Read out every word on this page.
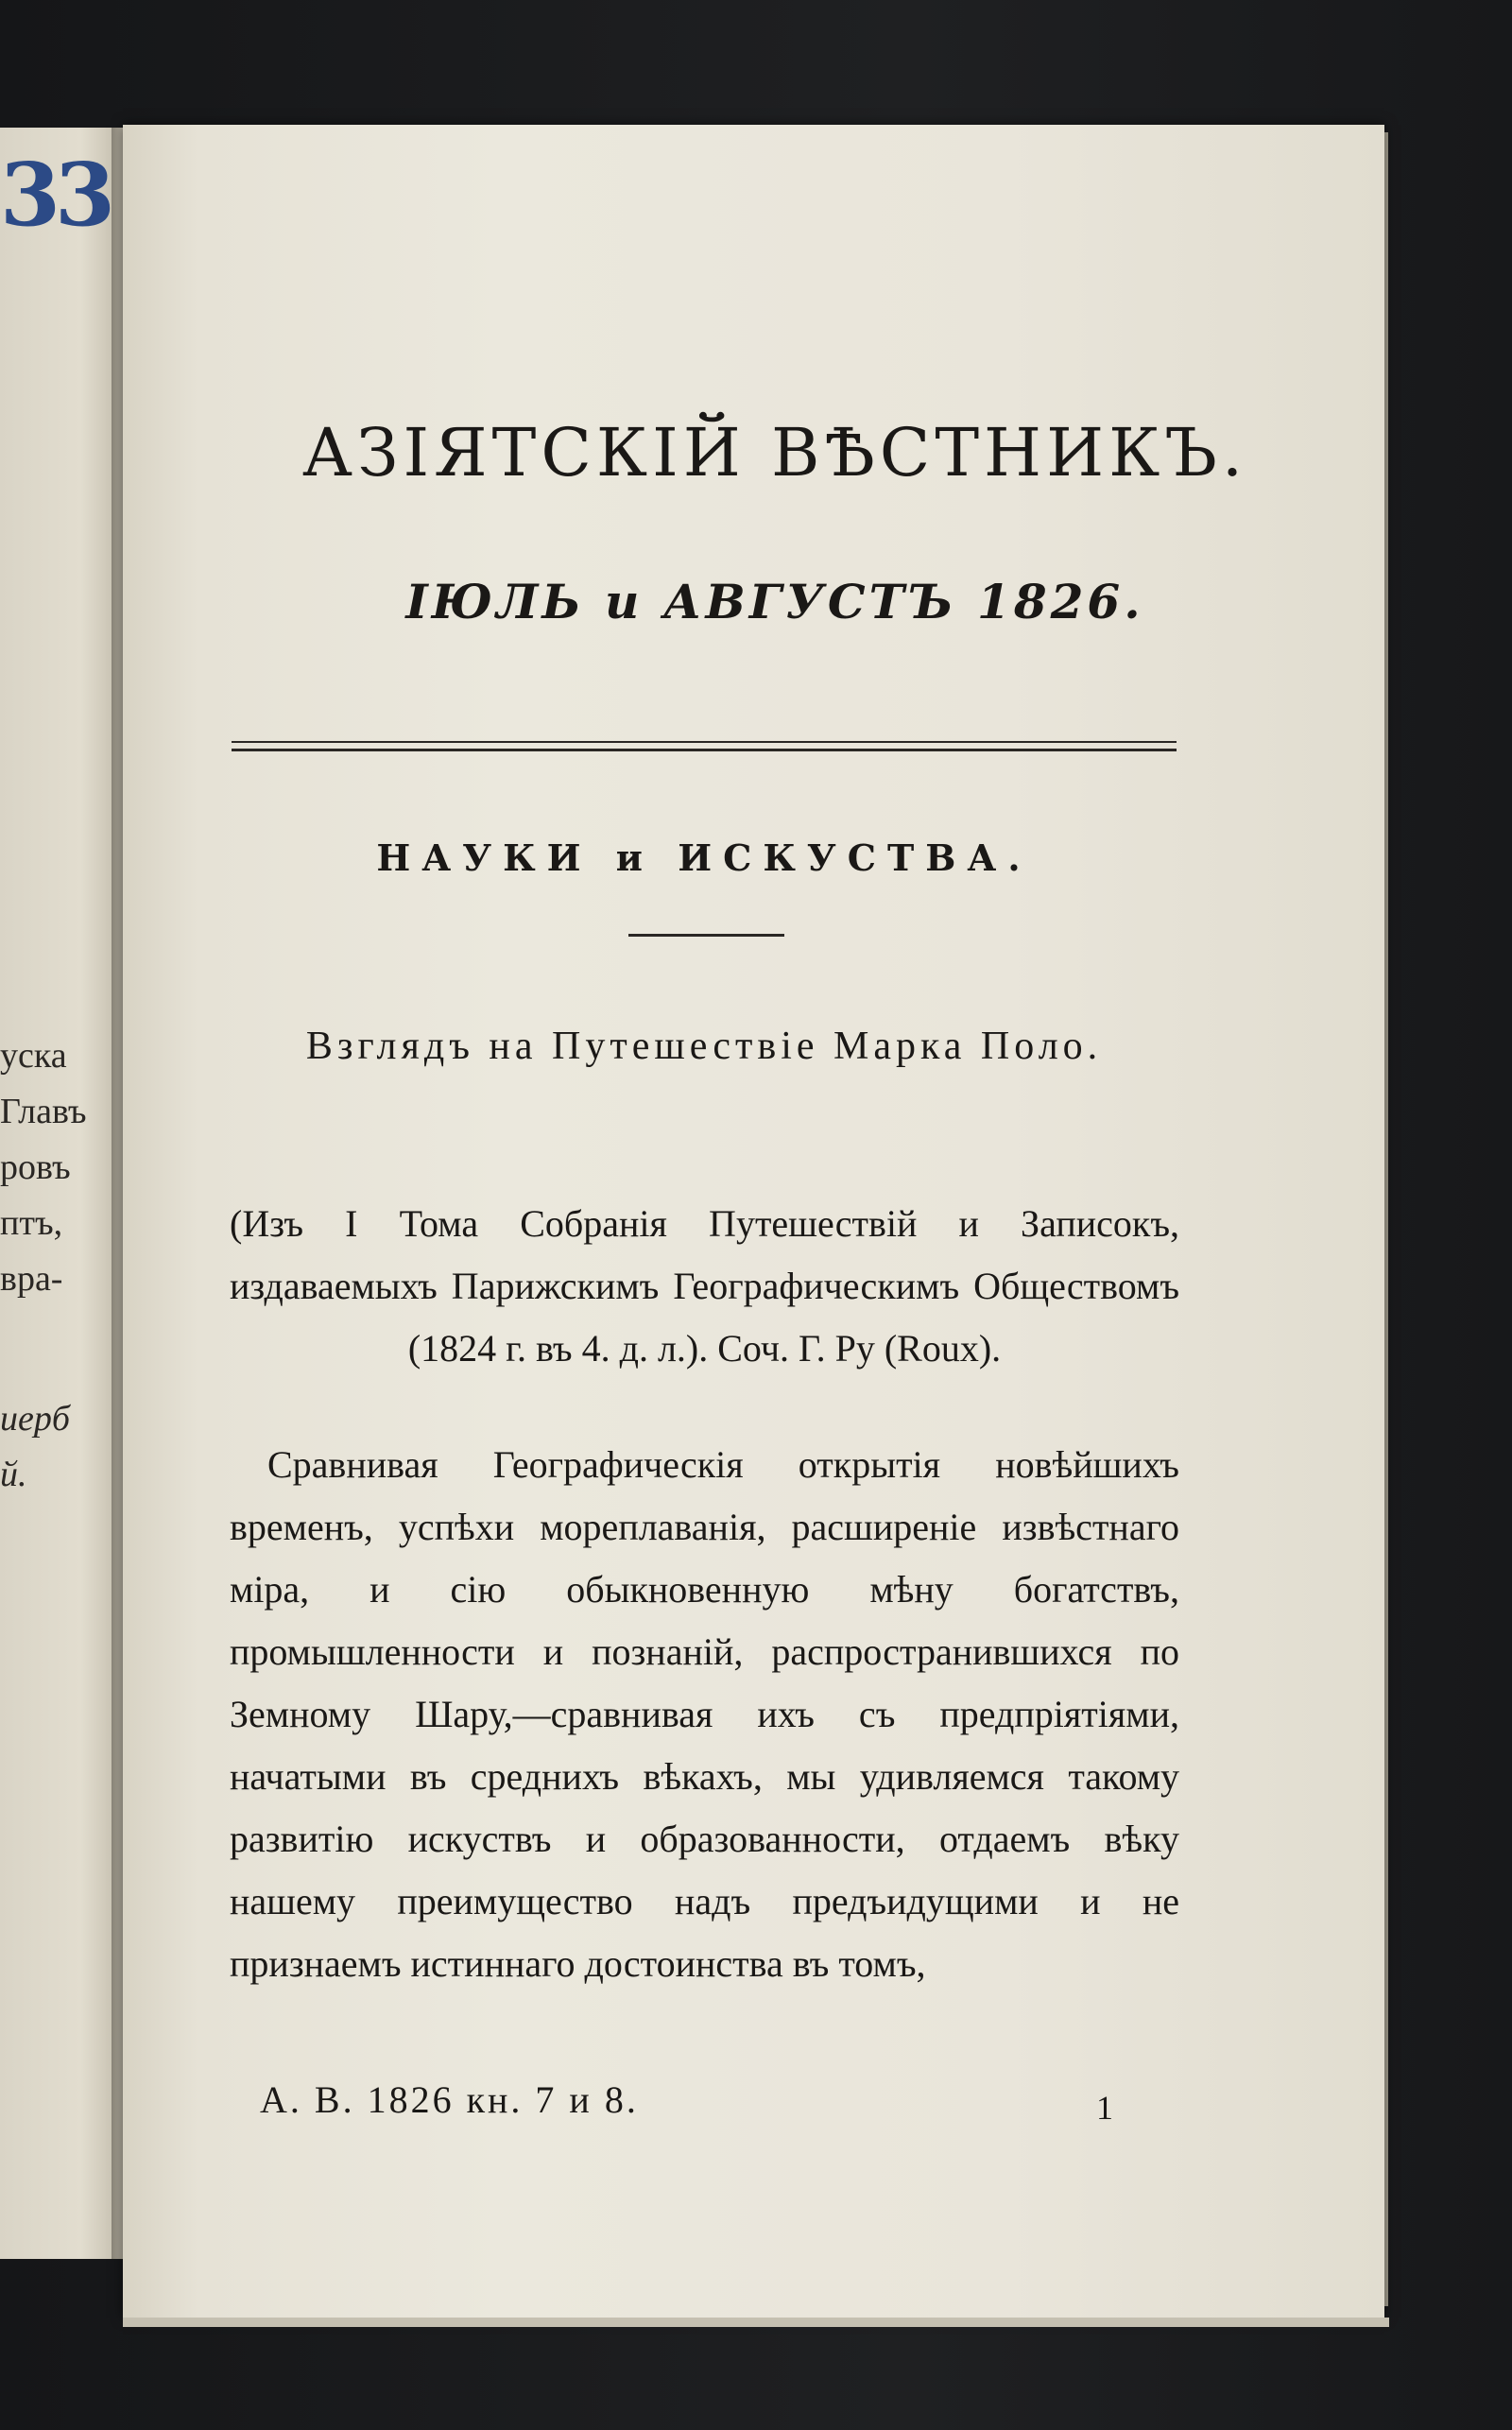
33
уска
Главъ
ровъ
птъ,
вра-
иерб
й.
АЗІЯТСКІЙ ВѢСТНИКЪ.
ІЮЛЬ и АВГУСТЪ 1826.
НАУКИ и ИСКУСТВА.
Взглядъ на Путешествіе Марка Поло.

(Изъ I Тома Собранія Путешествій и Записокъ, издаваемыхъ Парижскимъ Географическимъ Обществомъ (1824 г. въ 4. д. л.). Соч. Г. Ру (Roux).

Сравнивая Географическія открытія новѣйшихъ временъ, успѣхи мореплаванія, расширеніе извѣстнаго міра, и сію обыкновенную мѣну богатствъ, промышленности и познаній, распространившихся по Земному Шару,—сравнивая ихъ съ предпріятіями, начатыми въ среднихъ вѣкахъ, мы удивляемся такому развитію искуствъ и образованности, отдаемъ вѣку нашему преимущество надъ предъидущими и не признаемъ истиннаго достоинства въ томъ,

А. В. 1826 кн. 7 и 8.	1
